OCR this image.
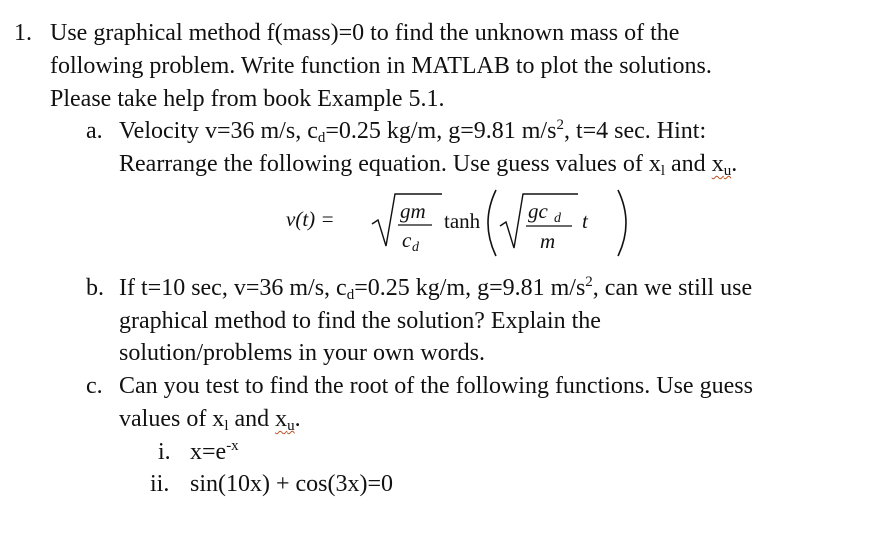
1. Use graphical method f(mass)=0 to find the unknown mass of the
following problem. Write function in MATLAB to plot the solutions.
Please take help from book Example 5.1.
a. Velocity v=36 m/s, $c_d=0.25$ kg/m, g=9.81 $m/s^2$, t=4 sec. Hint:
Rearrange the following equation. Use guess values of $x_l$ and $x_u$.
v(t) =	gm
c d
tanh gc d
m
t
b. If t=10 sec, v=36 m/s, $c_d=0.25$ kg/m, g=9.81 $m/s^2$, can we still use
graphical method to find the solution? Explain the
solution/problems in your own words.
c. Can you test to find the root of the following functions. Use guess
values of $x_l$ and $x_u$.
i. $x=e^{-x}$
ii. sin(10x) + cos(3x)=0
